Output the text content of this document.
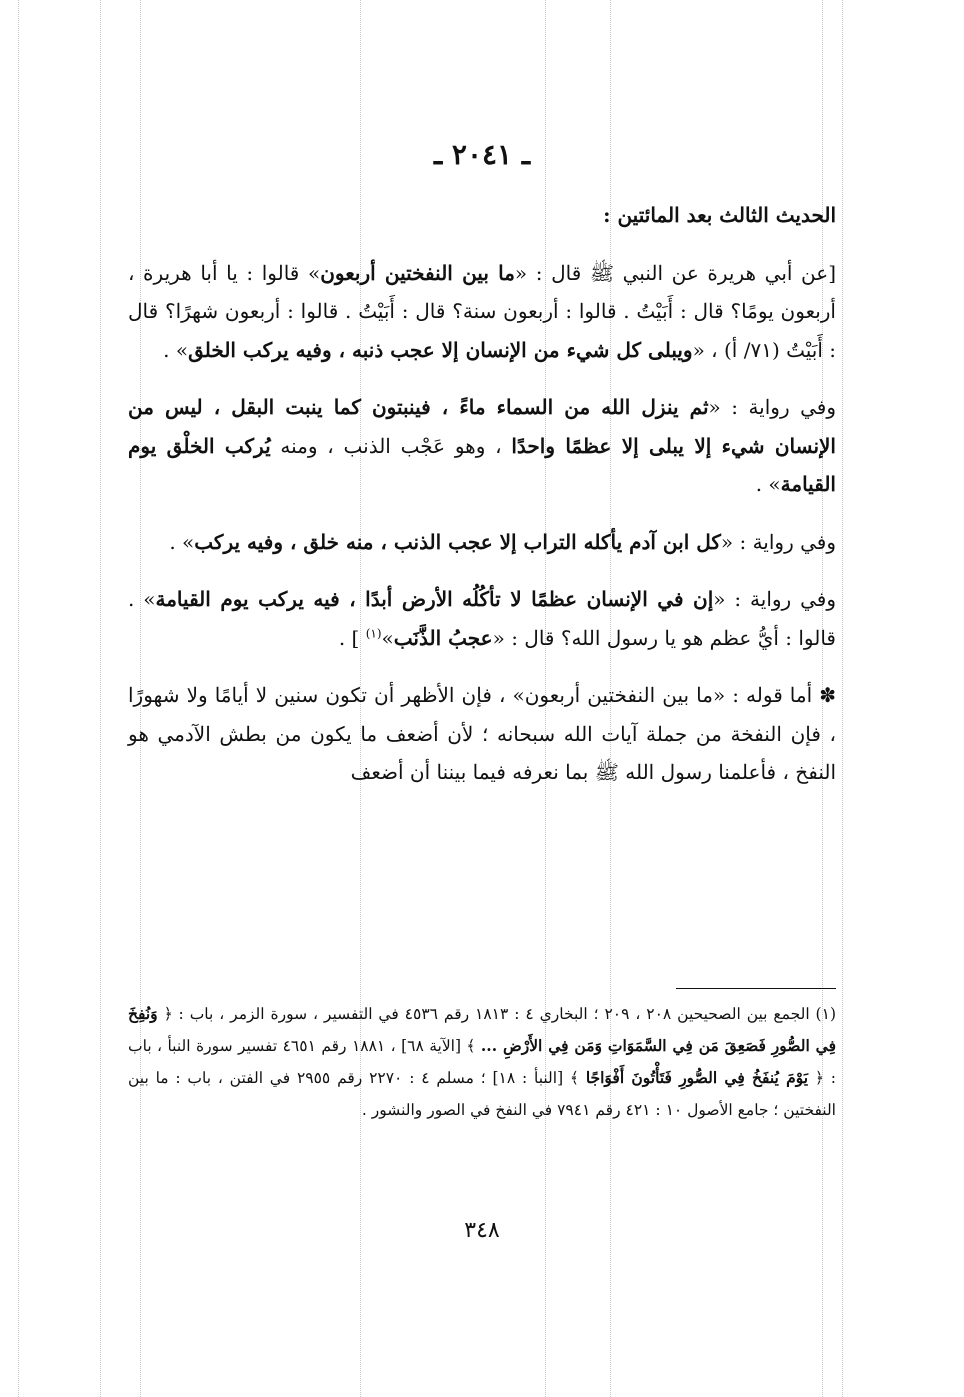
ـ ٢٠٤١ ـ
الحديث الثالث بعد المائتين :

[عن أبي هريرة عن النبي ﷺ قال : «ما بين النفختين أربعون» قالوا : يا أبا هريرة ، أربعون يومًا؟ قال : أَبَيْتُ . قالوا : أربعون سنة؟ قال : أَبَيْتُ . قالوا : أربعون شهرًا؟ قال : أَبَيْتُ (٧١/ أ) ، «ويبلى كل شيء من الإنسان إلا عجب ذنبه ، وفيه يركب الخلق» .

وفي رواية : «ثم ينزل الله من السماء ماءً ، فينبتون كما ينبت البقل ، ليس من الإنسان شيء إلا يبلى إلا عظمًا واحدًا ، وهو عَجْب الذنب ، ومنه يُركب الخلْق يوم القيامة» .

وفي رواية : «كل ابن آدم يأكله التراب إلا عجب الذنب ، منه خلق ، وفيه يركب» .

وفي رواية : «إن في الإنسان عظمًا لا تأكُلُه الأرض أبدًا ، فيه يركب يوم القيامة» . قالوا : أيُّ عظم هو يا رسول الله؟ قال : «عجبُ الذَّنَب»$^{(١)}$ ] .

✽ أما قوله : «ما بين النفختين أربعون» ، فإن الأظهر أن تكون سنين لا أيامًا ولا شهورًا ، فإن النفخة من جملة آيات الله سبحانه ؛ لأن أضعف ما يكون من بطش الآدمي هو النفخ ، فأعلمنا رسول الله ﷺ بما نعرفه فيما بيننا أن أضعف

(١) الجمع بين الصحيحين ٢٠٨ ، ٢٠٩ ؛ البخاري ٤ : ١٨١٣ رقم ٤٥٣٦ في التفسير ، سورة الزمر ، باب : ﴿ وَنُفِخَ فِي الصُّورِ فَصَعِقَ مَن فِي السَّمَوَاتِ وَمَن فِي الأَرْضِ ... ﴾ [الآية ٦٨] ، ١٨٨١ رقم ٤٦٥١ تفسير سورة النبأ ، باب : ﴿ يَوْمَ يُنفَخُ فِي الصُّورِ فَتَأْتُونَ أَفْوَاجًا ﴾ [النبأ : ١٨] ؛ مسلم ٤ : ٢٢٧٠ رقم ٢٩٥٥ في الفتن ، باب : ما بين النفختين ؛ جامع الأصول ١٠ : ٤٢١ رقم ٧٩٤١ في النفخ في الصور والنشور .
٣٤٨
